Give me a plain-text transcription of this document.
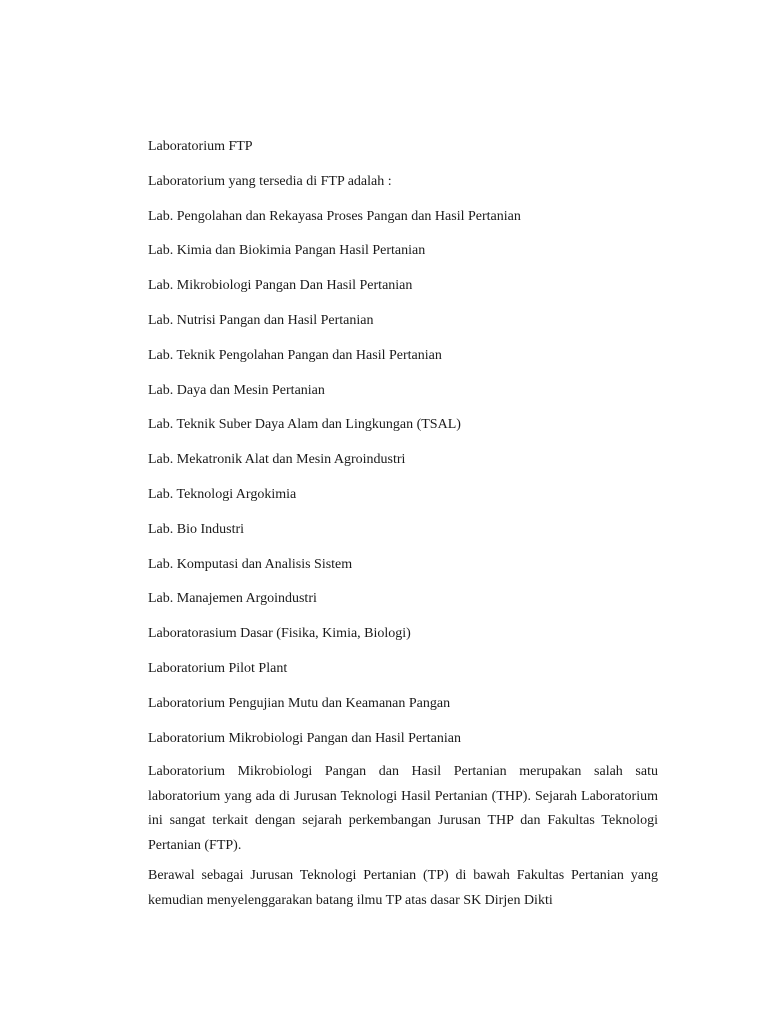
Laboratorium FTP
Laboratorium yang tersedia di FTP adalah :
Lab. Pengolahan dan Rekayasa Proses Pangan dan Hasil Pertanian
Lab. Kimia dan Biokimia Pangan Hasil Pertanian
Lab. Mikrobiologi Pangan Dan Hasil Pertanian
Lab. Nutrisi Pangan dan Hasil Pertanian
Lab. Teknik Pengolahan Pangan dan Hasil Pertanian
Lab. Daya dan Mesin Pertanian
Lab. Teknik Suber Daya Alam dan Lingkungan (TSAL)
Lab. Mekatronik Alat dan Mesin Agroindustri
Lab. Teknologi Argokimia
Lab. Bio Industri
Lab. Komputasi dan Analisis Sistem
Lab. Manajemen Argoindustri
Laboratorasium Dasar (Fisika, Kimia, Biologi)
Laboratorium Pilot Plant
Laboratorium Pengujian Mutu dan Keamanan Pangan
Laboratorium Mikrobiologi Pangan dan Hasil Pertanian

Laboratorium Mikrobiologi Pangan dan Hasil Pertanian merupakan salah satu laboratorium yang ada di Jurusan Teknologi Hasil Pertanian (THP). Sejarah Laboratorium ini sangat terkait dengan sejarah perkembangan Jurusan THP dan Fakultas Teknologi Pertanian (FTP).

Berawal sebagai Jurusan Teknologi Pertanian (TP) di bawah Fakultas Pertanian yang kemudian menyelenggarakan batang ilmu TP atas dasar SK Dirjen Dikti
